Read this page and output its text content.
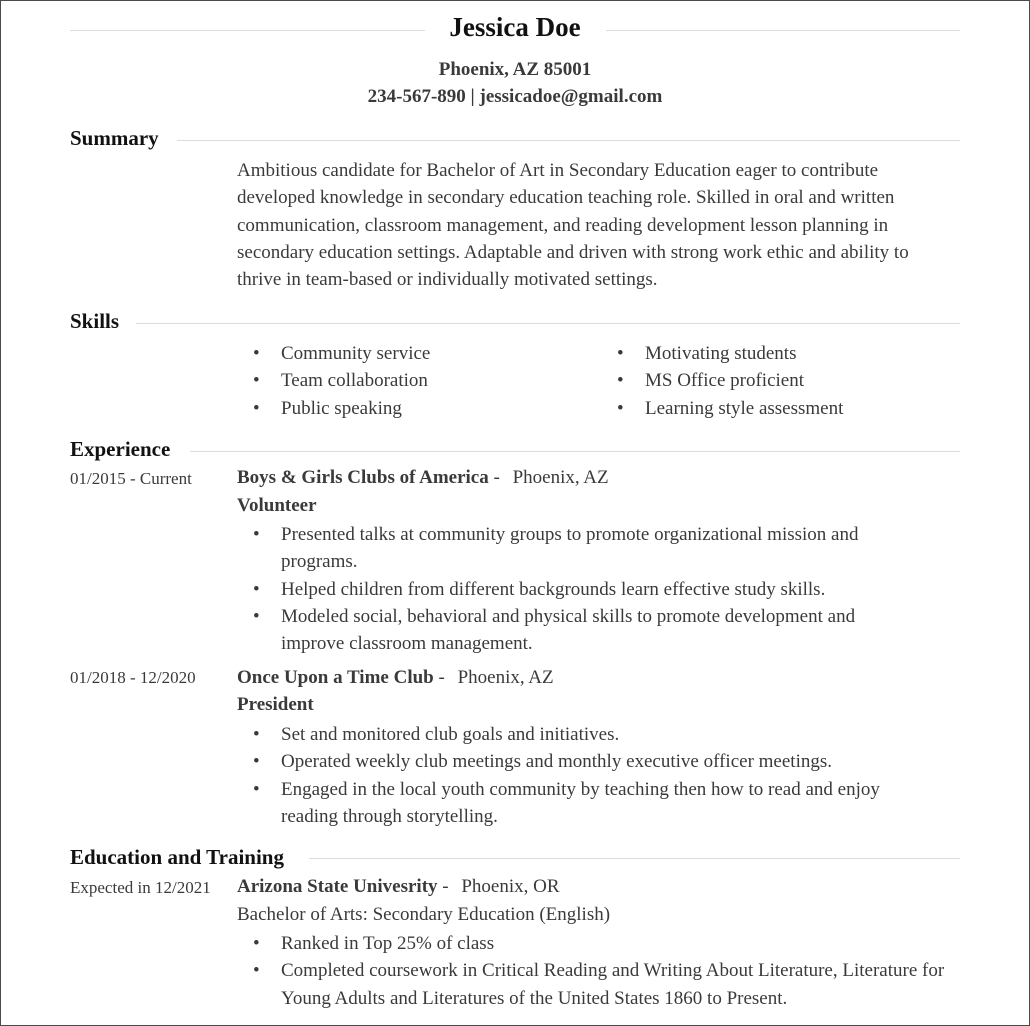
Jessica Doe
Phoenix, AZ 85001
234-567-890 | jessicadoe@gmail.com
Summary
Ambitious candidate for Bachelor of Art in Secondary Education eager to contribute developed knowledge in secondary education teaching role. Skilled in oral and written communication, classroom management, and reading development lesson planning in secondary education settings. Adaptable and driven with strong work ethic and ability to thrive in team-based or individually motivated settings.
Skills
• Community service
• Team collaboration
• Public speaking
• Motivating students
• MS Office proficient
• Learning style assessment
Experience
01/2015 - Current Boys & Girls Clubs of America - Phoenix, AZ
Volunteer
• Presented talks at community groups to promote organizational mission and programs.
• Helped children from different backgrounds learn effective study skills.
• Modeled social, behavioral and physical skills to promote development and improve classroom management.
01/2018 - 12/2020 Once Upon a Time Club - Phoenix, AZ
President
• Set and monitored club goals and initiatives.
• Operated weekly club meetings and monthly executive officer meetings.
• Engaged in the local youth community by teaching then how to read and enjoy reading through storytelling.
Education and Training
Expected in 12/2021 Arizona State Univesrity - Phoenix, OR
Bachelor of Arts: Secondary Education (English)
• Ranked in Top 25% of class
• Completed coursework in Critical Reading and Writing About Literature, Literature for Young Adults and Literatures of the United States 1860 to Present.
